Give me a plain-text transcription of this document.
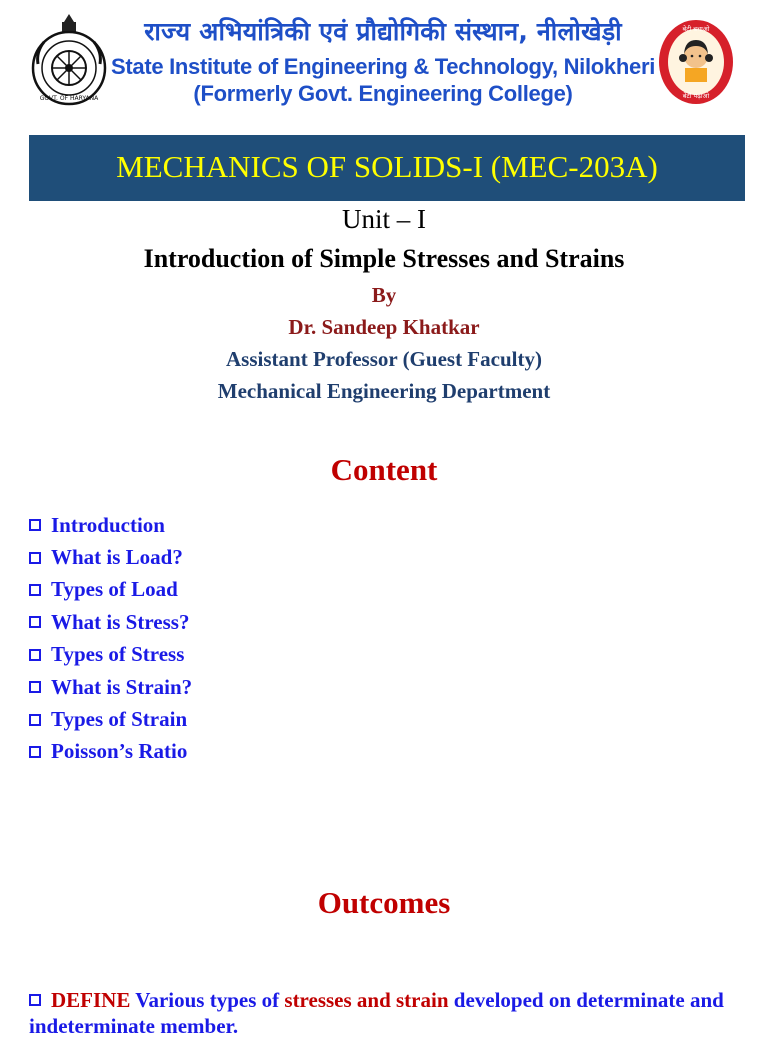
GOVT. OF HARYANA
राज्य अभियांत्रिकी एवं प्रौद्योगिकी संस्थान, नीलोखेड़ी
State Institute of Engineering & Technology, Nilokheri
(Formerly Govt. Engineering College)
बेटी बचाओ
बेटी पढ़ाओ
MECHANICS OF SOLIDS-I (MEC-203A)
Unit – I
Introduction of Simple Stresses and Strains
By
Dr. Sandeep Khatkar
Assistant Professor (Guest Faculty)
Mechanical Engineering Department
Content
Introduction
What is Load?
Types of Load
What is Stress?
Types of Stress
What is Strain?
Types of Strain
Poisson’s Ratio
Outcomes
DEFINE Various types of stresses and strain developed on determinate and indeterminate member.
